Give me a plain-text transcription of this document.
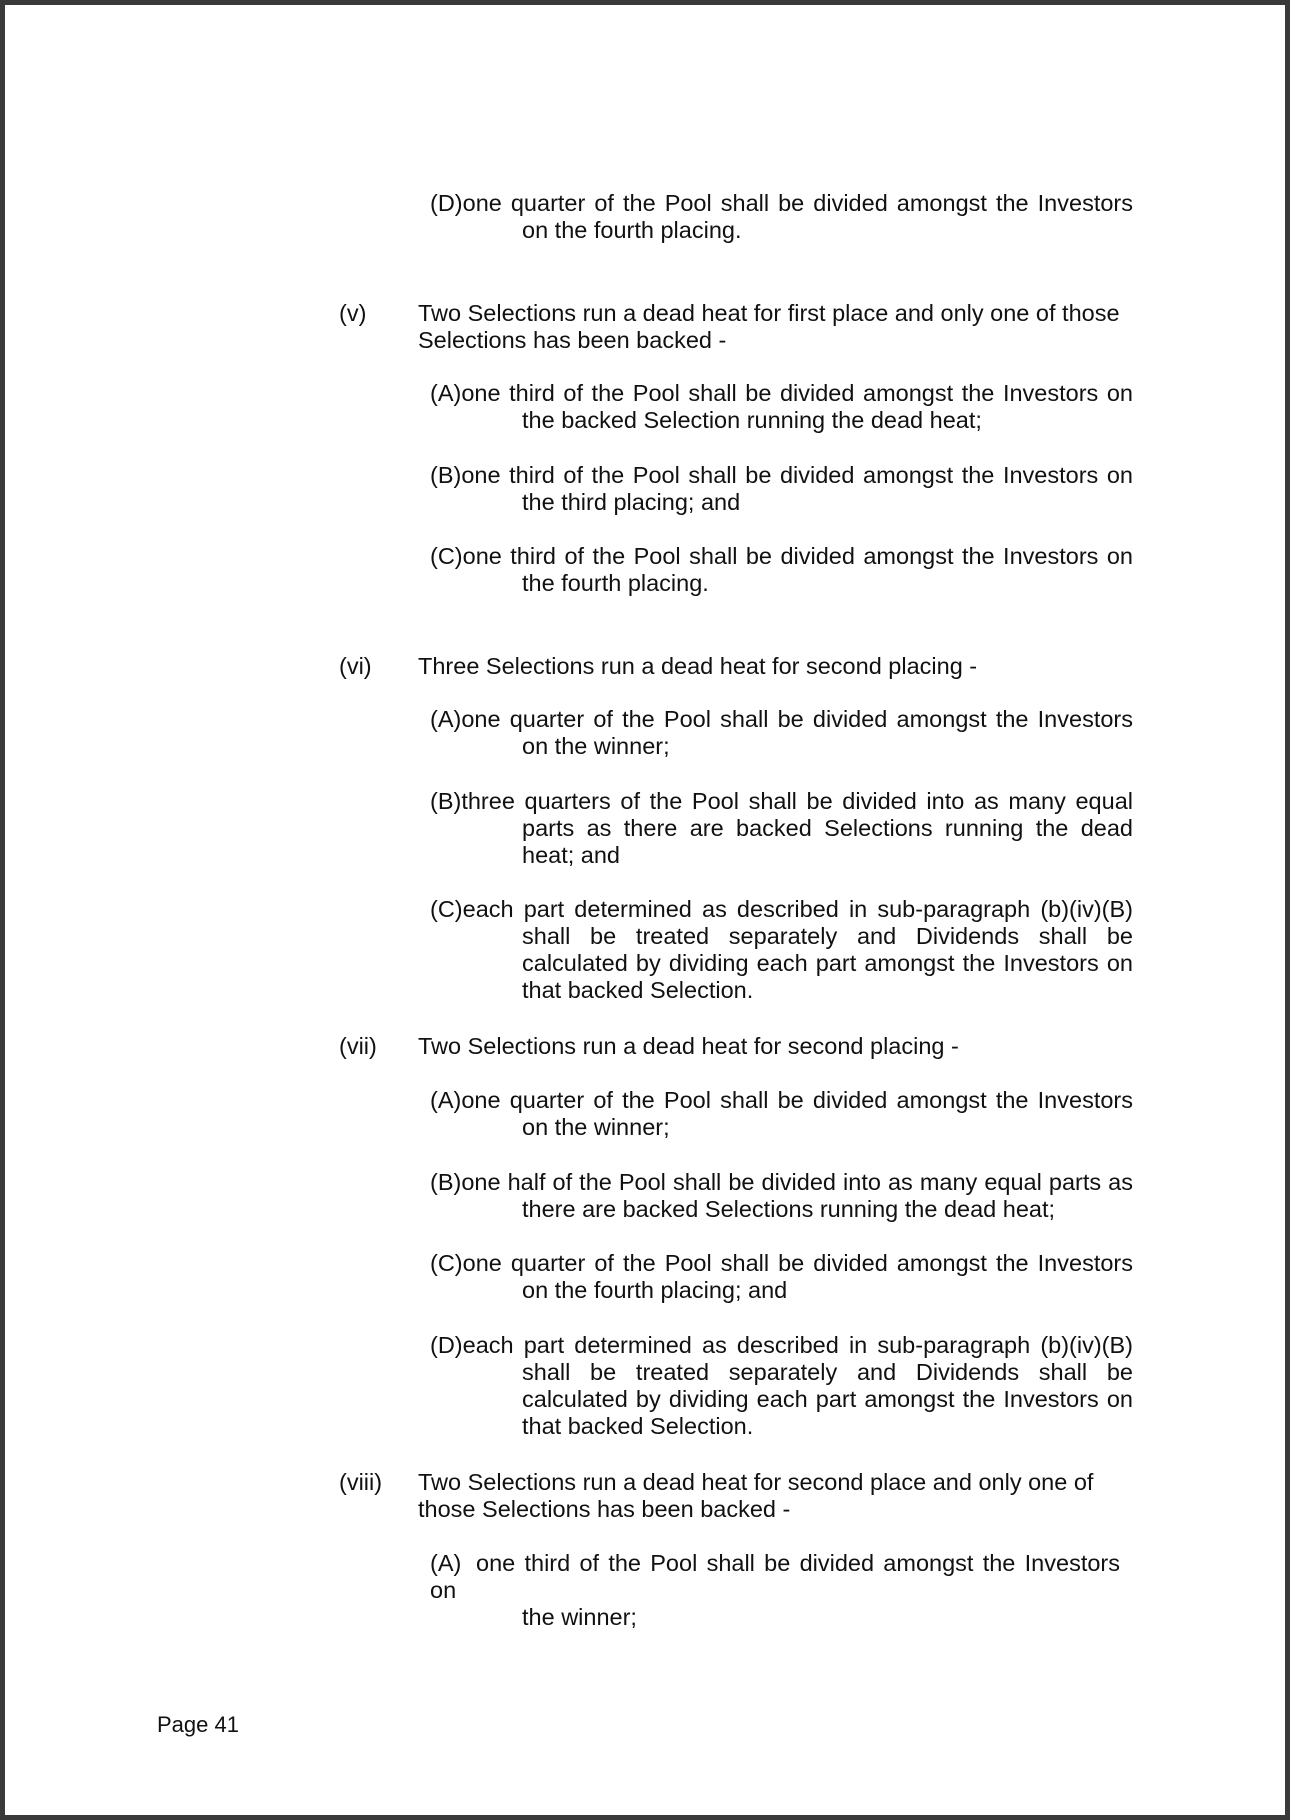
(D)one quarter of the Pool shall be divided amongst the Investors
on the fourth placing.
(v) Two Selections run a dead heat for first place and only one of those Selections has been backed -
(A)one third of the Pool shall be divided amongst the Investors on
the backed Selection running the dead heat;
(B)one third of the Pool shall be divided amongst the Investors on
the third placing; and
(C)one third of the Pool shall be divided amongst the Investors on
the fourth placing.
(vi) Three Selections run a dead heat for second placing -
(A)one quarter of the Pool shall be divided amongst the Investors
on the winner;
(B)three quarters of the Pool shall be divided into as many equal
parts as there are backed Selections running the dead heat; and
(C)each part determined as described in sub-paragraph (b)(iv)(B)
shall be treated separately and Dividends shall be calculated by dividing each part amongst the Investors on that backed Selection.
(vii) Two Selections run a dead heat for second placing -
(A)one quarter of the Pool shall be divided amongst the Investors
on the winner;
(B)one half of the Pool shall be divided into as many equal parts as
there are backed Selections running the dead heat;
(C)one quarter of the Pool shall be divided amongst the Investors
on the fourth placing; and
(D)each part determined as described in sub-paragraph (b)(iv)(B)
shall be treated separately and Dividends shall be calculated by dividing each part amongst the Investors on that backed Selection.
(viii) Two Selections run a dead heat for second place and only one of those Selections has been backed -
(A) one third of the Pool shall be divided amongst the Investors on
the winner;
Page 41
